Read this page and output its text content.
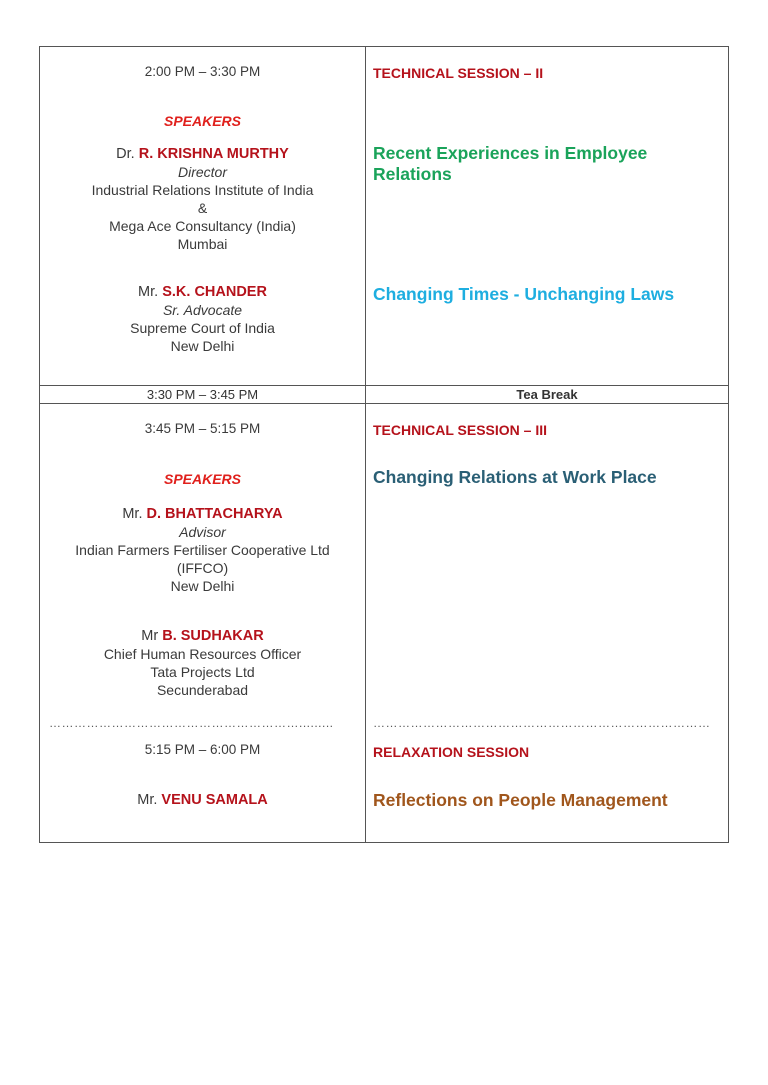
2:00 PM – 3:30 PM
SPEAKERS
Dr. R. KRISHNA MURTHY
Director
Industrial Relations Institute of India
&
Mega Ace Consultancy (India)
Mumbai
Mr. S.K. CHANDER
Sr. Advocate
Supreme Court of India
New Delhi
TECHNICAL SESSION – II
Recent Experiences in Employee Relations
Changing Times - Unchanging Laws
3:30 PM – 3:45 PM	Tea Break
3:45 PM – 5:15 PM
SPEAKERS
Mr. D. BHATTACHARYA
Advisor
Indian Farmers Fertiliser Cooperative Ltd
(IFFCO)
New Delhi
Mr B. SUDHAKAR
Chief Human Resources Officer
Tata Projects Ltd
Secunderabad
TECHNICAL SESSION – III
Changing Relations at Work Place
…………………………………………………….........	………………………………………………………………………
5:15 PM – 6:00 PM
Mr. VENU SAMALA
RELAXATION SESSION
Reflections on People Management
